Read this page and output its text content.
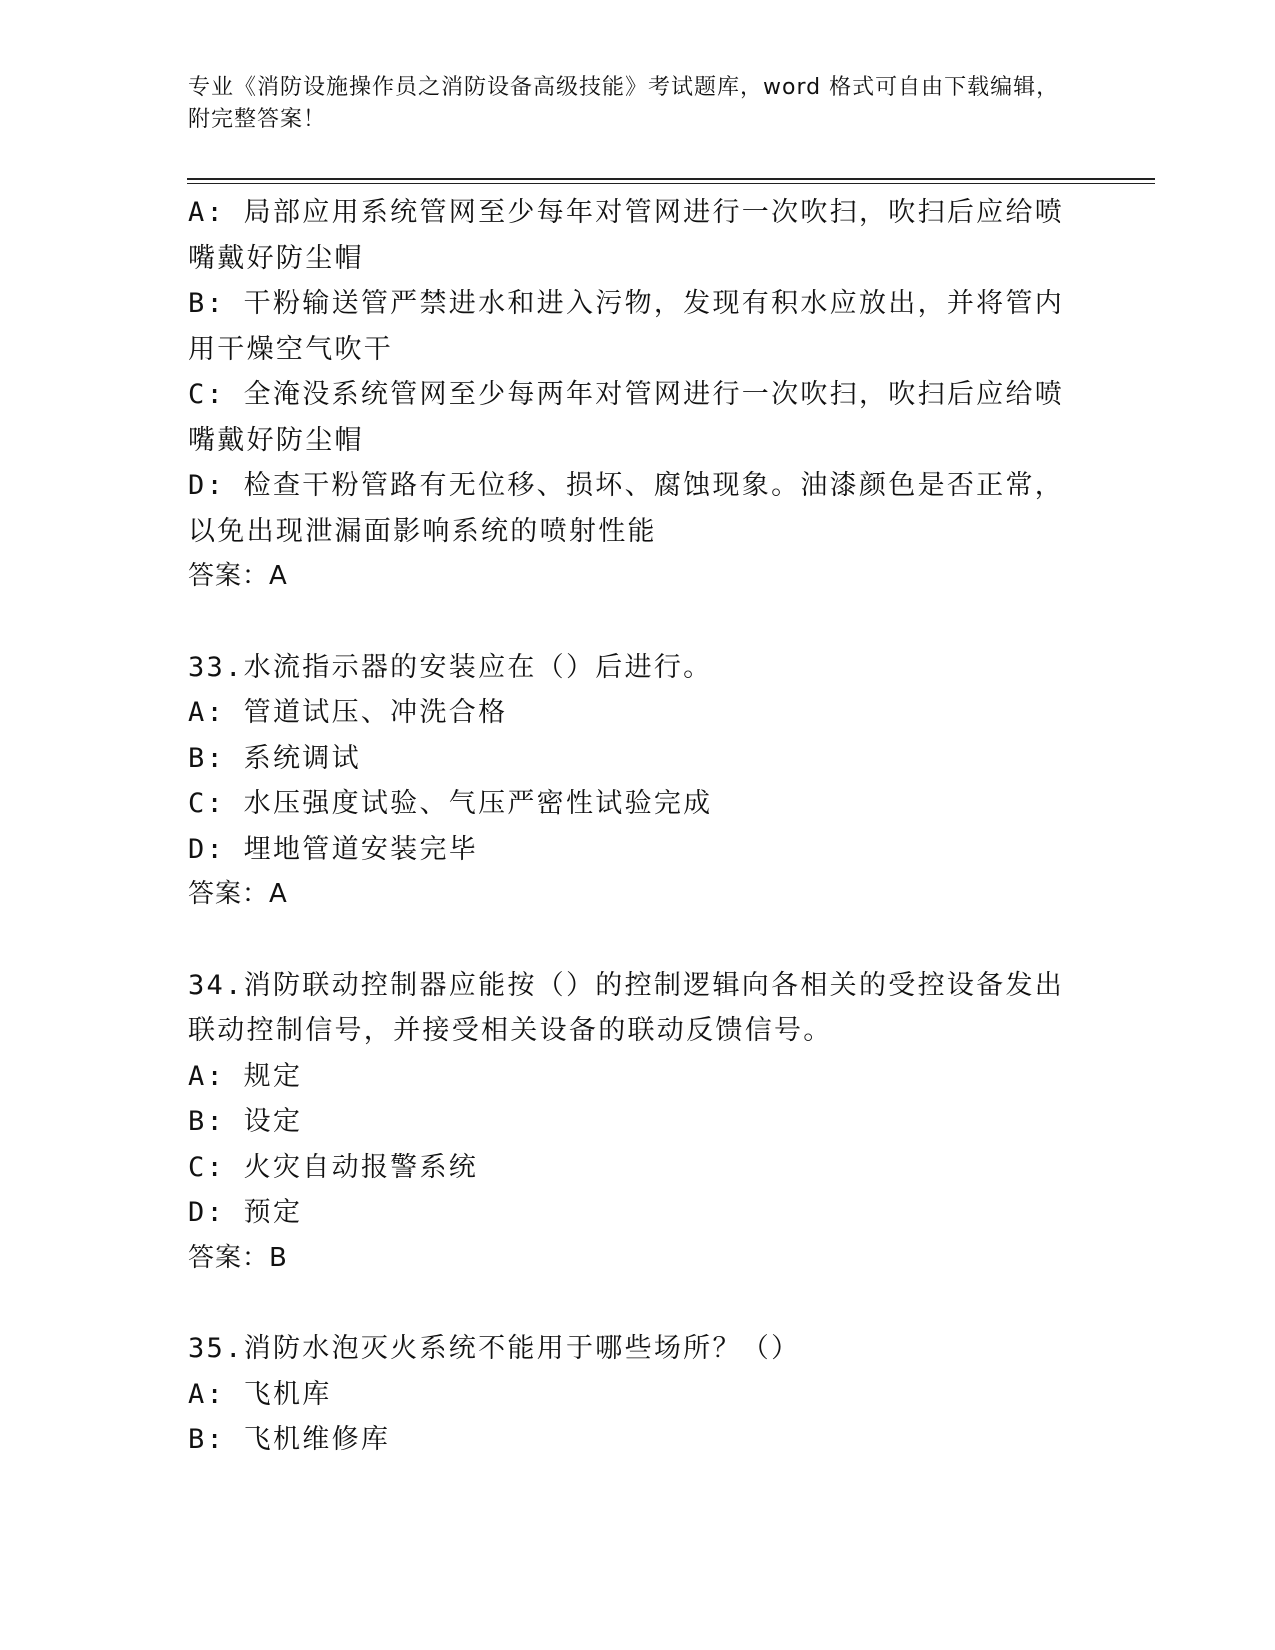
专业《消防设施操作员之消防设备高级技能》考试题库，word 格式可自由下载编辑，附完整答案！
A: 局部应用系统管网至少每年对管网进行一次吹扫，吹扫后应给喷嘴戴好防尘帽
B: 干粉输送管严禁进水和进入污物，发现有积水应放出，并将管内用干燥空气吹干
C: 全淹没系统管网至少每两年对管网进行一次吹扫，吹扫后应给喷嘴戴好防尘帽
D: 检查干粉管路有无位移、损坏、腐蚀现象。油漆颜色是否正常，以免出现泄漏面影响系统的喷射性能
答案：A
33.水流指示器的安装应在（）后进行。
A: 管道试压、冲洗合格
B: 系统调试
C: 水压强度试验、气压严密性试验完成
D: 埋地管道安装完毕
答案：A
34.消防联动控制器应能按（）的控制逻辑向各相关的受控设备发出联动控制信号，并接受相关设备的联动反馈信号。
A: 规定
B: 设定
C: 火灾自动报警系统
D: 预定
答案：B
35.消防水泡灭火系统不能用于哪些场所？（）
A: 飞机库
B: 飞机维修库
